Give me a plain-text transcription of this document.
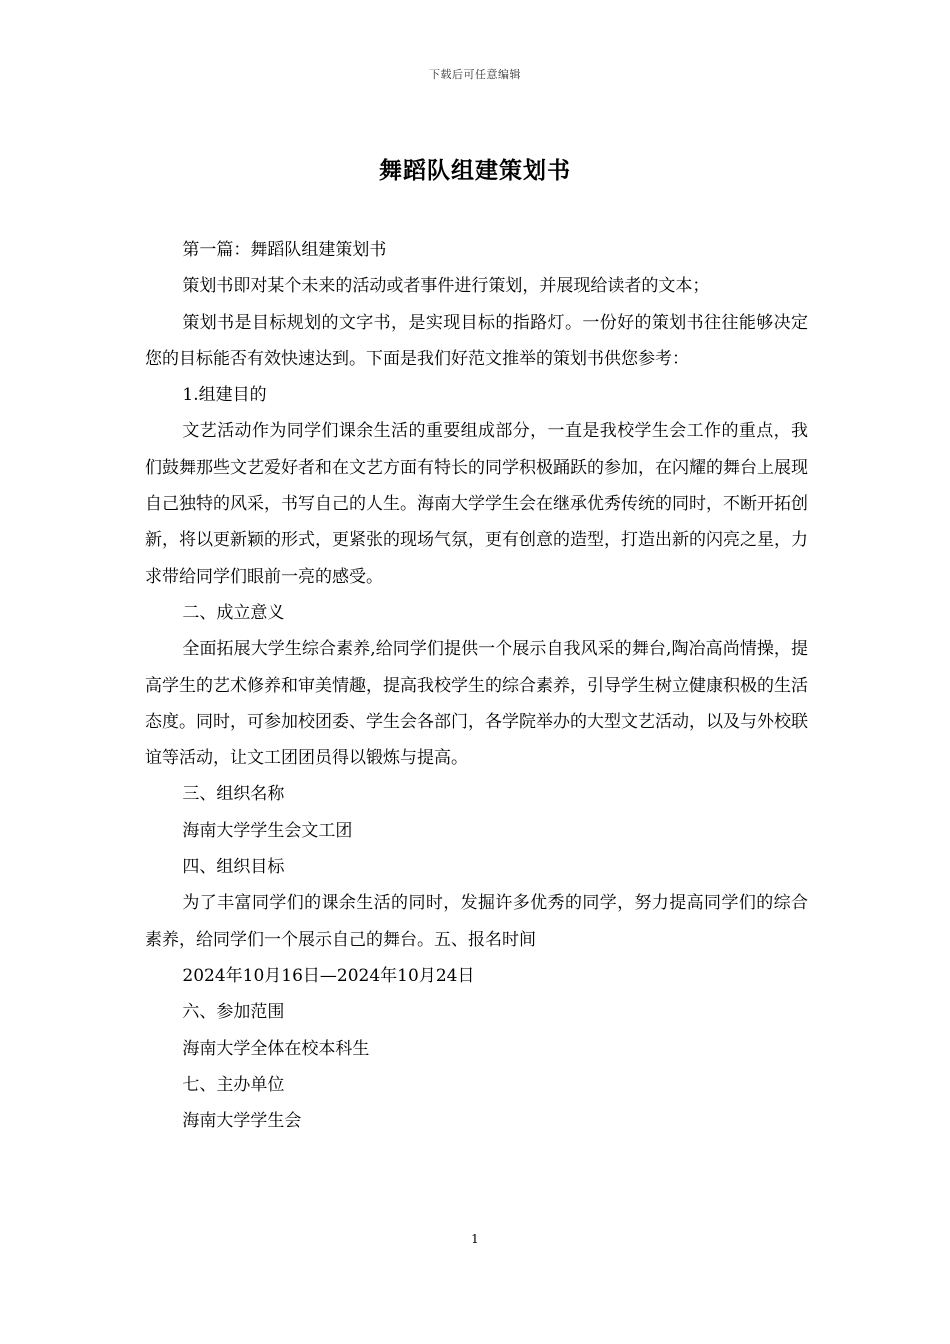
下载后可任意编辑
舞蹈队组建策划书

第一篇：舞蹈队组建策划书

策划书即对某个未来的活动或者事件进行策划，并展现给读者的文本；

策划书是目标规划的文字书，是实现目标的指路灯。一份好的策划书往往能够决定您的目标能否有效快速达到。下面是我们好范文推举的策划书供您参考：

1.组建目的

文艺活动作为同学们课余生活的重要组成部分，一直是我校学生会工作的重点，我们鼓舞那些文艺爱好者和在文艺方面有特长的同学积极踊跃的参加，在闪耀的舞台上展现自己独特的风采，书写自己的人生。海南大学学生会在继承优秀传统的同时，不断开拓创新，将以更新颖的形式，更紧张的现场气氛，更有创意的造型，打造出新的闪亮之星，力求带给同学们眼前一亮的感受。

二、成立意义

全面拓展大学生综合素养,给同学们提供一个展示自我风采的舞台,陶冶高尚情操，提高学生的艺术修养和审美情趣，提高我校学生的综合素养，引导学生树立健康积极的生活态度。同时，可参加校团委、学生会各部门，各学院举办的大型文艺活动，以及与外校联谊等活动，让文工团团员得以锻炼与提高。

三、组织名称

海南大学学生会文工团

四、组织目标

为了丰富同学们的课余生活的同时，发掘许多优秀的同学，努力提高同学们的综合素养，给同学们一个展示自己的舞台。五、报名时间

2024年10月16日—2024年10月24日

六、参加范围

海南大学全体在校本科生

七、主办单位

海南大学学生会

1
